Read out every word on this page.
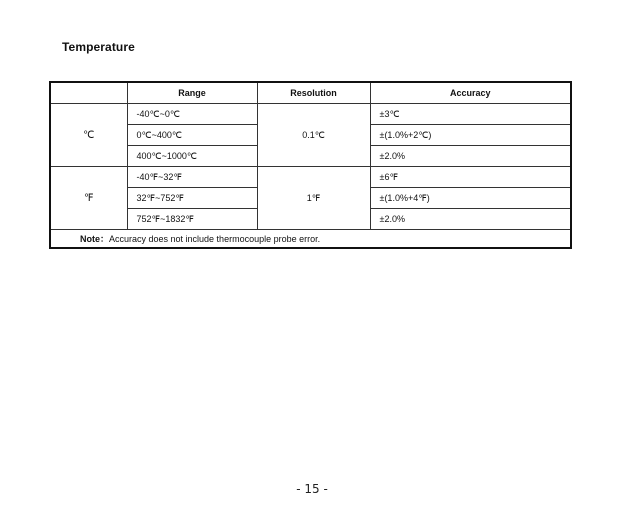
Temperature
	Range	Resolution	Accuracy
℃	-40℃~0℃	0.1℃	±3℃
	0℃~400℃		±(1.0%+2℃)
	400℃~1000℃		±2.0%
℉	-40℉~32℉	1℉	±6℉
	32℉~752℉		±(1.0%+4℉)
	752℉~1832℉		±2.0%
Note：Accuracy does not include thermocouple probe error.			
- 15 -
